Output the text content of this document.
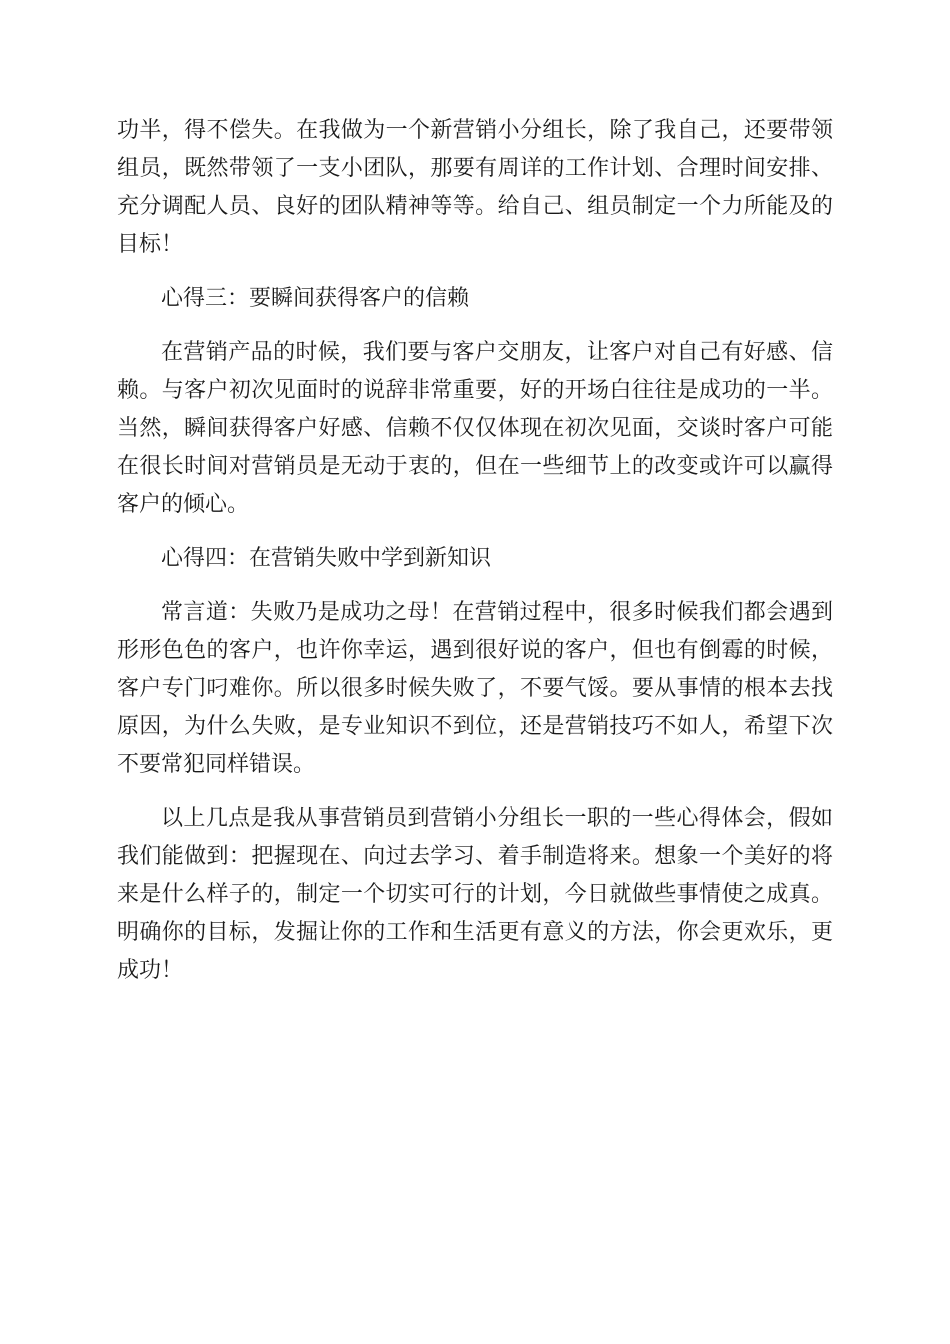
功半，得不偿失。在我做为一个新营销小分组长，除了我自己，还要带领组员，既然带领了一支小团队，那要有周详的工作计划、合理时间安排、充分调配人员、良好的团队精神等等。给自己、组员制定一个力所能及的目标！

心得三：要瞬间获得客户的信赖

在营销产品的时候，我们要与客户交朋友，让客户对自己有好感、信赖。与客户初次见面时的说辞非常重要，好的开场白往往是成功的一半。当然，瞬间获得客户好感、信赖不仅仅体现在初次见面，交谈时客户可能在很长时间对营销员是无动于衷的，但在一些细节上的改变或许可以赢得客户的倾心。

心得四：在营销失败中学到新知识

常言道：失败乃是成功之母！在营销过程中，很多时候我们都会遇到形形色色的客户，也许你幸运，遇到很好说的客户，但也有倒霉的时候，客户专门叼难你。所以很多时候失败了，不要气馁。要从事情的根本去找原因，为什么失败，是专业知识不到位，还是营销技巧不如人，希望下次不要常犯同样错误。

以上几点是我从事营销员到营销小分组长一职的一些心得体会，假如我们能做到：把握现在、向过去学习、着手制造将来。想象一个美好的将来是什么样子的，制定一个切实可行的计划，今日就做些事情使之成真。明确你的目标，发掘让你的工作和生活更有意义的方法，你会更欢乐，更成功！
